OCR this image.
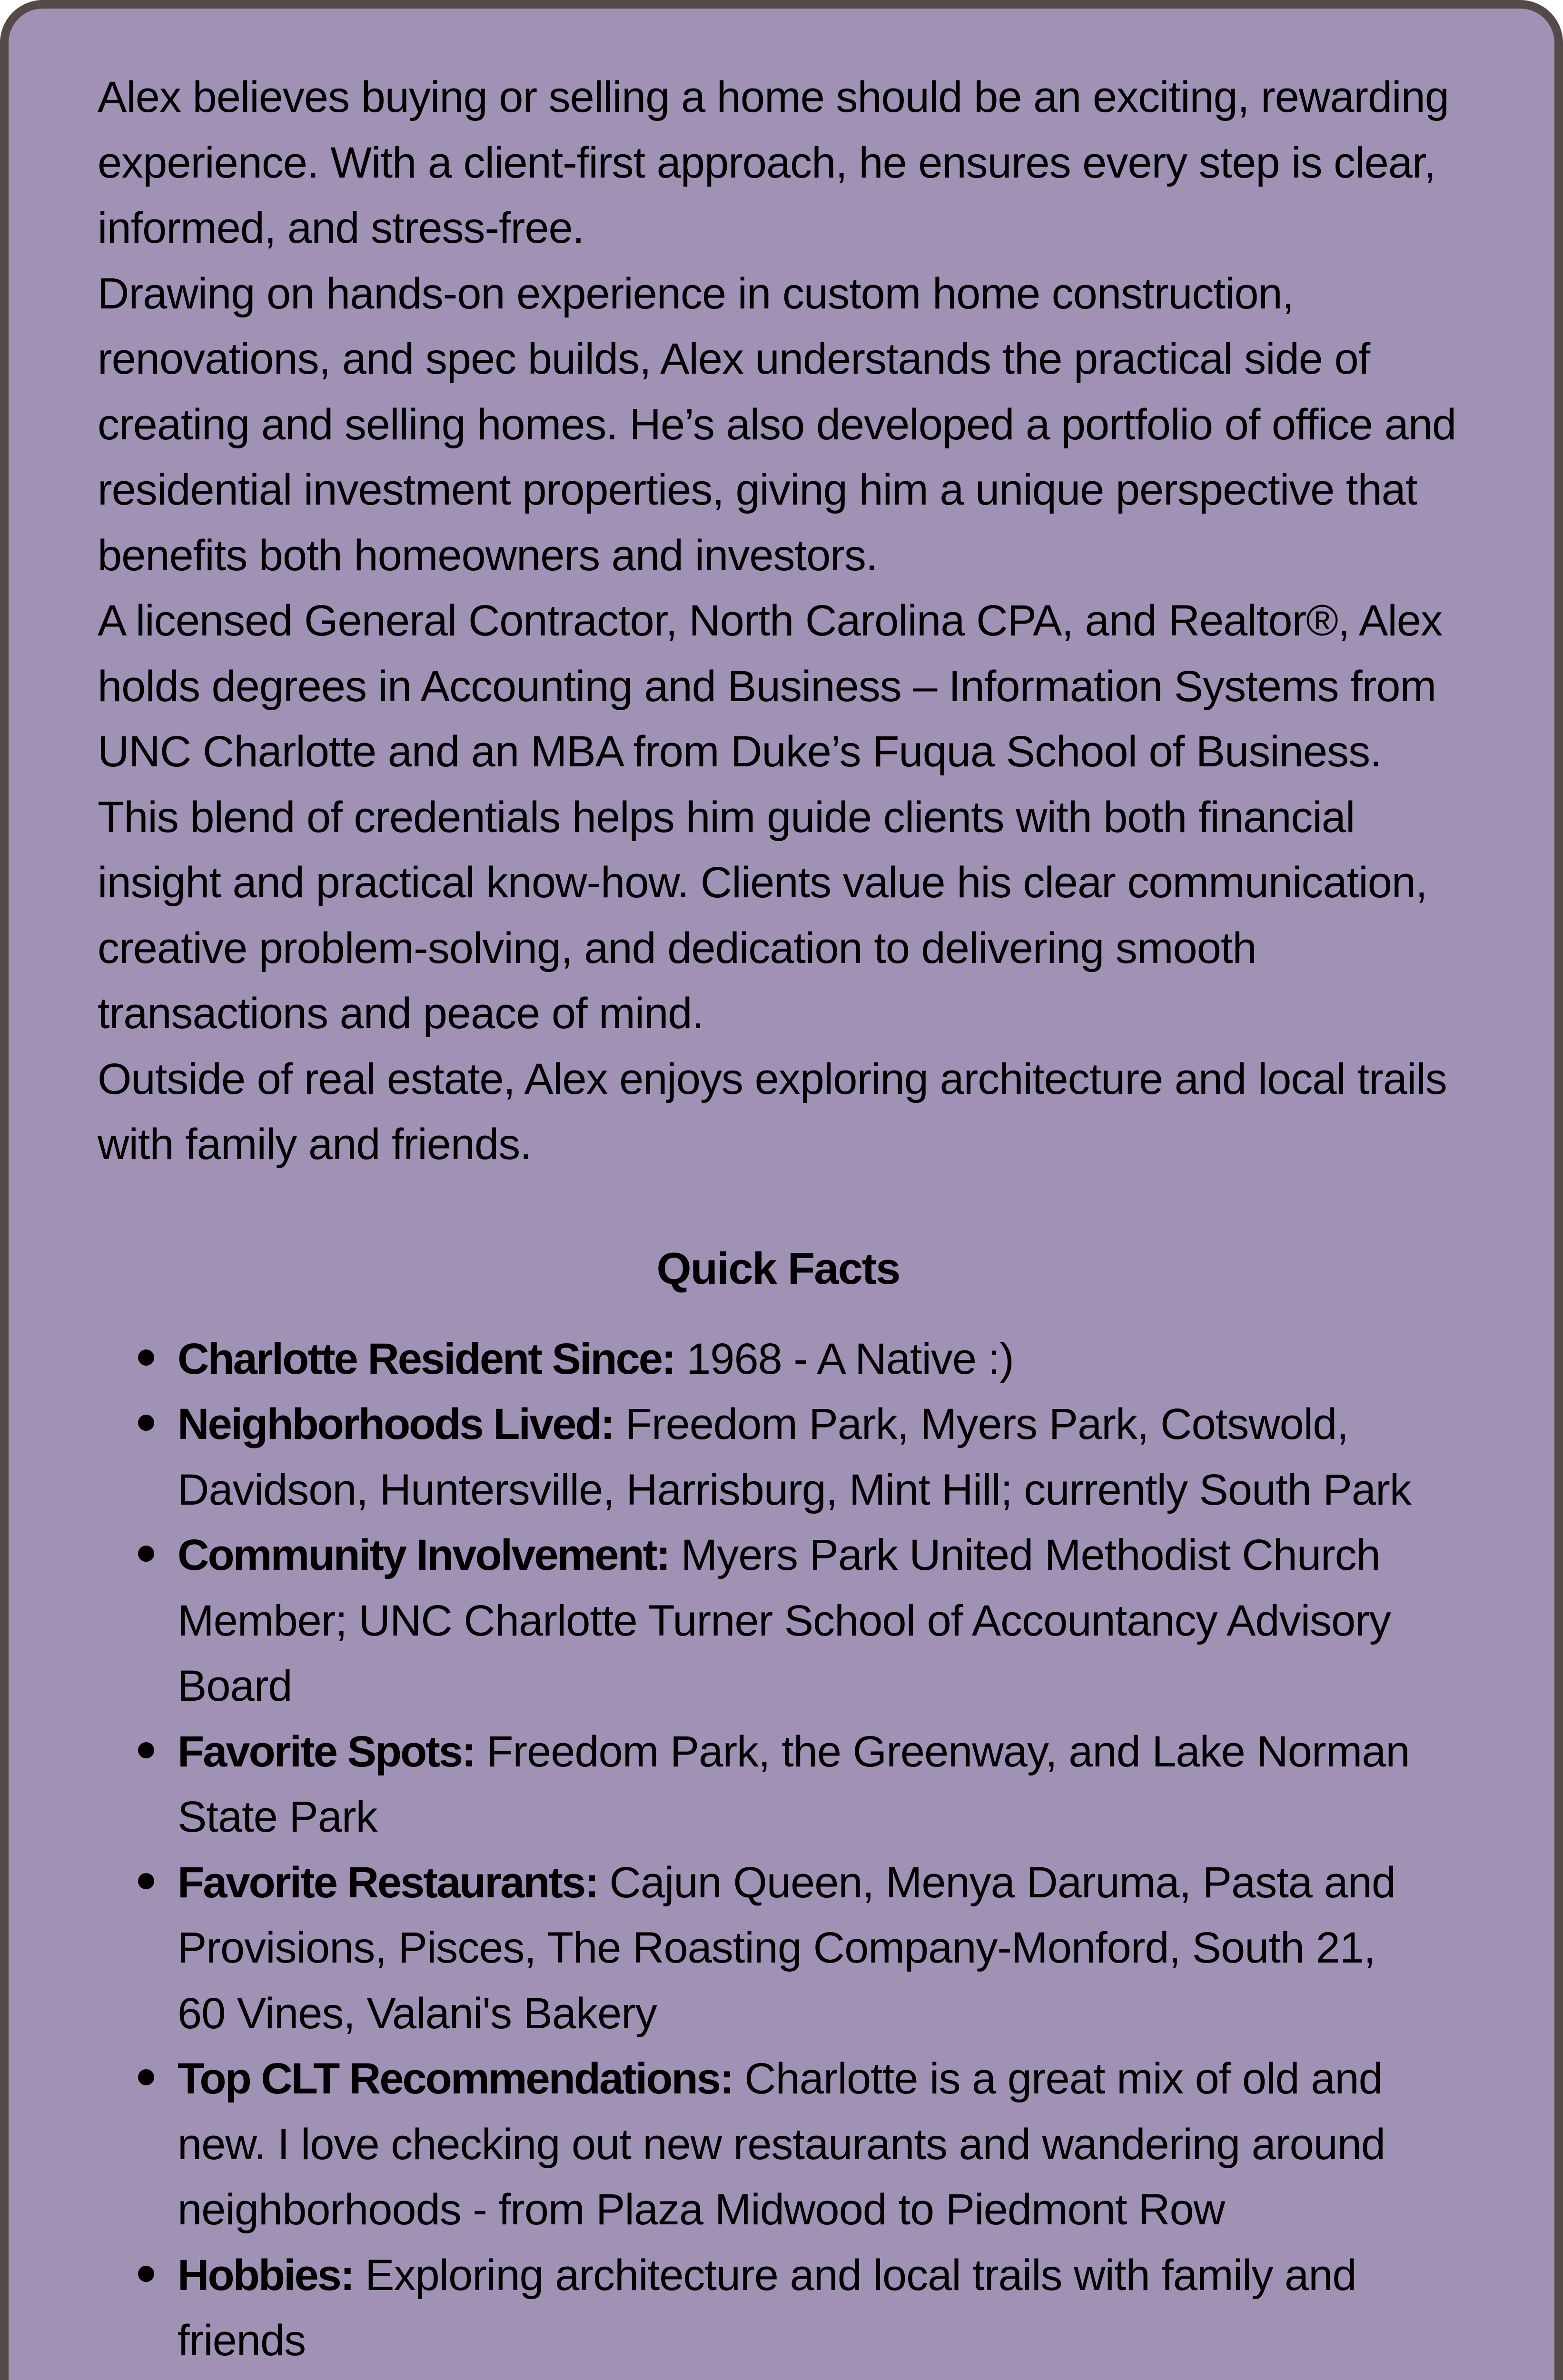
Alex believes buying or selling a home should be an exciting, rewarding experience. With a client-first approach, he ensures every step is clear, informed, and stress-free.

Drawing on hands-on experience in custom home construction, renovations, and spec builds, Alex understands the practical side of creating and selling homes. He’s also developed a portfolio of office and residential investment properties, giving him a unique perspective that benefits both homeowners and investors.

A licensed General Contractor, North Carolina CPA, and Realtor®, Alex holds degrees in Accounting and Business – Information Systems from UNC Charlotte and an MBA from Duke’s Fuqua School of Business. This blend of credentials helps him guide clients with both financial insight and practical know-how. Clients value his clear communication, creative problem-solving, and dedication to delivering smooth transactions and peace of mind.

Outside of real estate, Alex enjoys exploring architecture and local trails with family and friends.

Quick Facts
Charlotte Resident Since: 1968 - A Native :)
Neighborhoods Lived: Freedom Park, Myers Park, Cotswold, Davidson, Huntersville, Harrisburg, Mint Hill; currently South Park
Community Involvement: Myers Park United Methodist Church Member; UNC Charlotte Turner School of Accountancy Advisory Board
Favorite Spots: Freedom Park, the Greenway, and Lake Norman State Park
Favorite Restaurants: Cajun Queen, Menya Daruma, Pasta and Provisions, Pisces, The Roasting Company-Monford, South 21, 60 Vines, Valani's Bakery
Top CLT Recommendations: Charlotte is a great mix of old and new. I love checking out new restaurants and wandering around neighborhoods - from Plaza Midwood to Piedmont Row
Hobbies: Exploring architecture and local trails with family and friends
